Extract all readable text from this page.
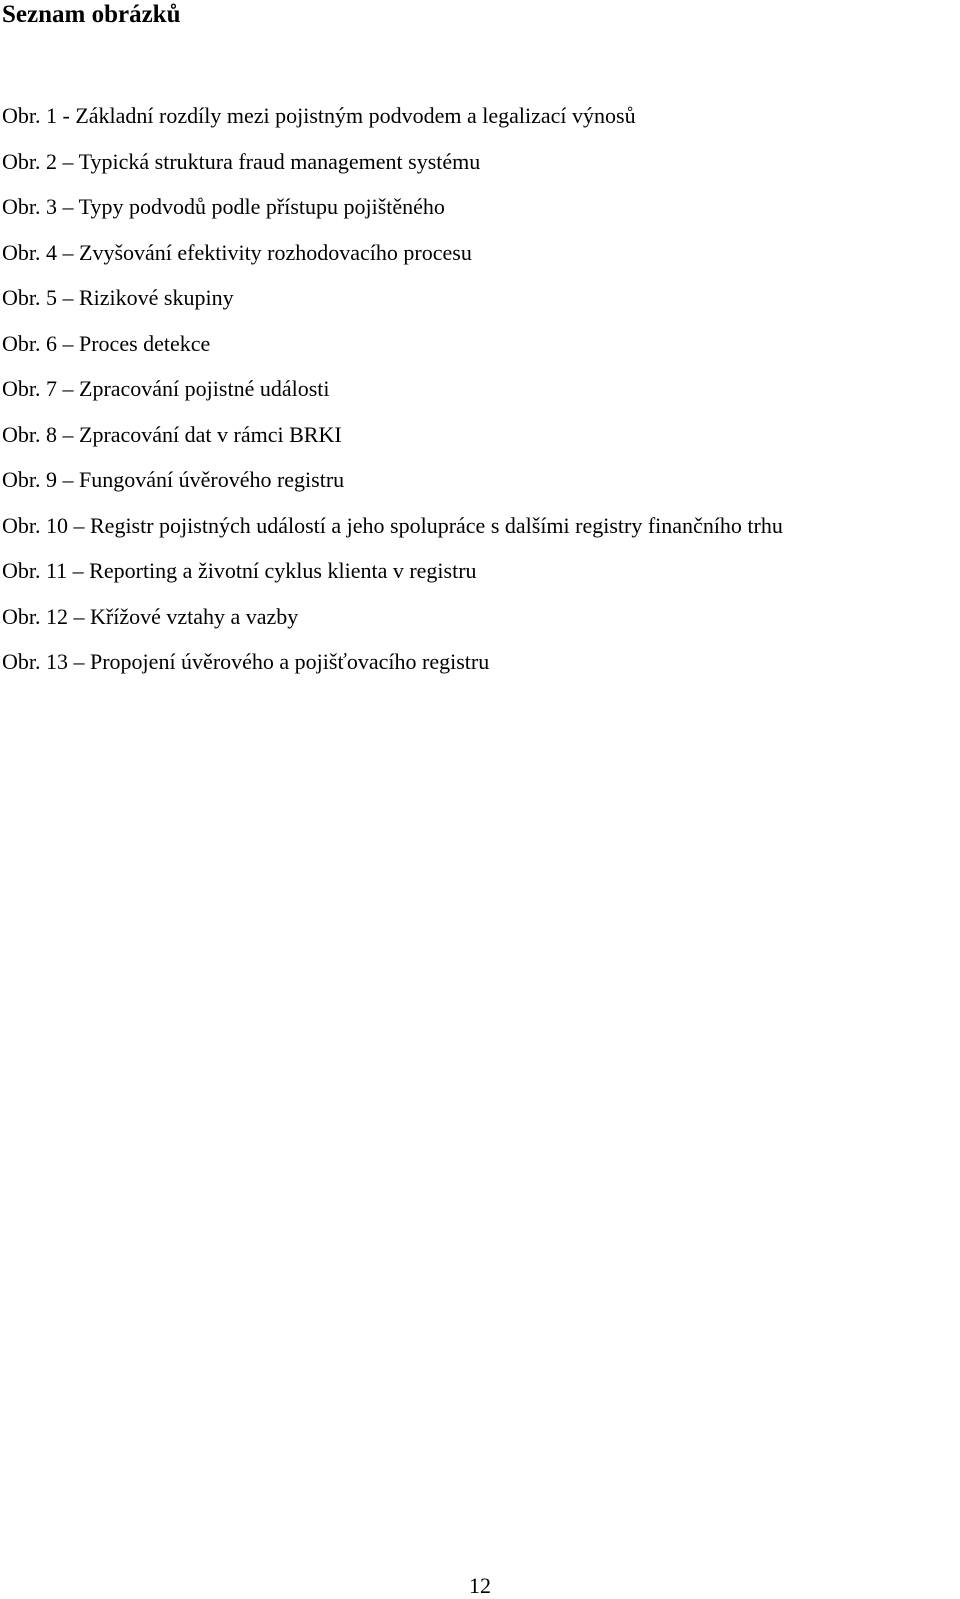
Seznam obrázků
Obr. 1 - Základní rozdíly mezi pojistným podvodem a legalizací výnosů
Obr. 2 – Typická struktura fraud management systému
Obr. 3 – Typy podvodů podle přístupu pojištěného
Obr. 4 – Zvyšování efektivity rozhodovacího procesu
Obr. 5 – Rizikové skupiny
Obr. 6 – Proces detekce
Obr. 7 – Zpracování pojistné události
Obr. 8 – Zpracování dat v rámci BRKI
Obr. 9 – Fungování úvěrového registru
Obr. 10 – Registr pojistných událostí a jeho spolupráce s dalšími registry finančního trhu
Obr. 11 – Reporting a životní cyklus klienta v registru
Obr. 12 – Křížové vztahy a vazby
Obr. 13 – Propojení úvěrového a pojišťovacího registru
12
